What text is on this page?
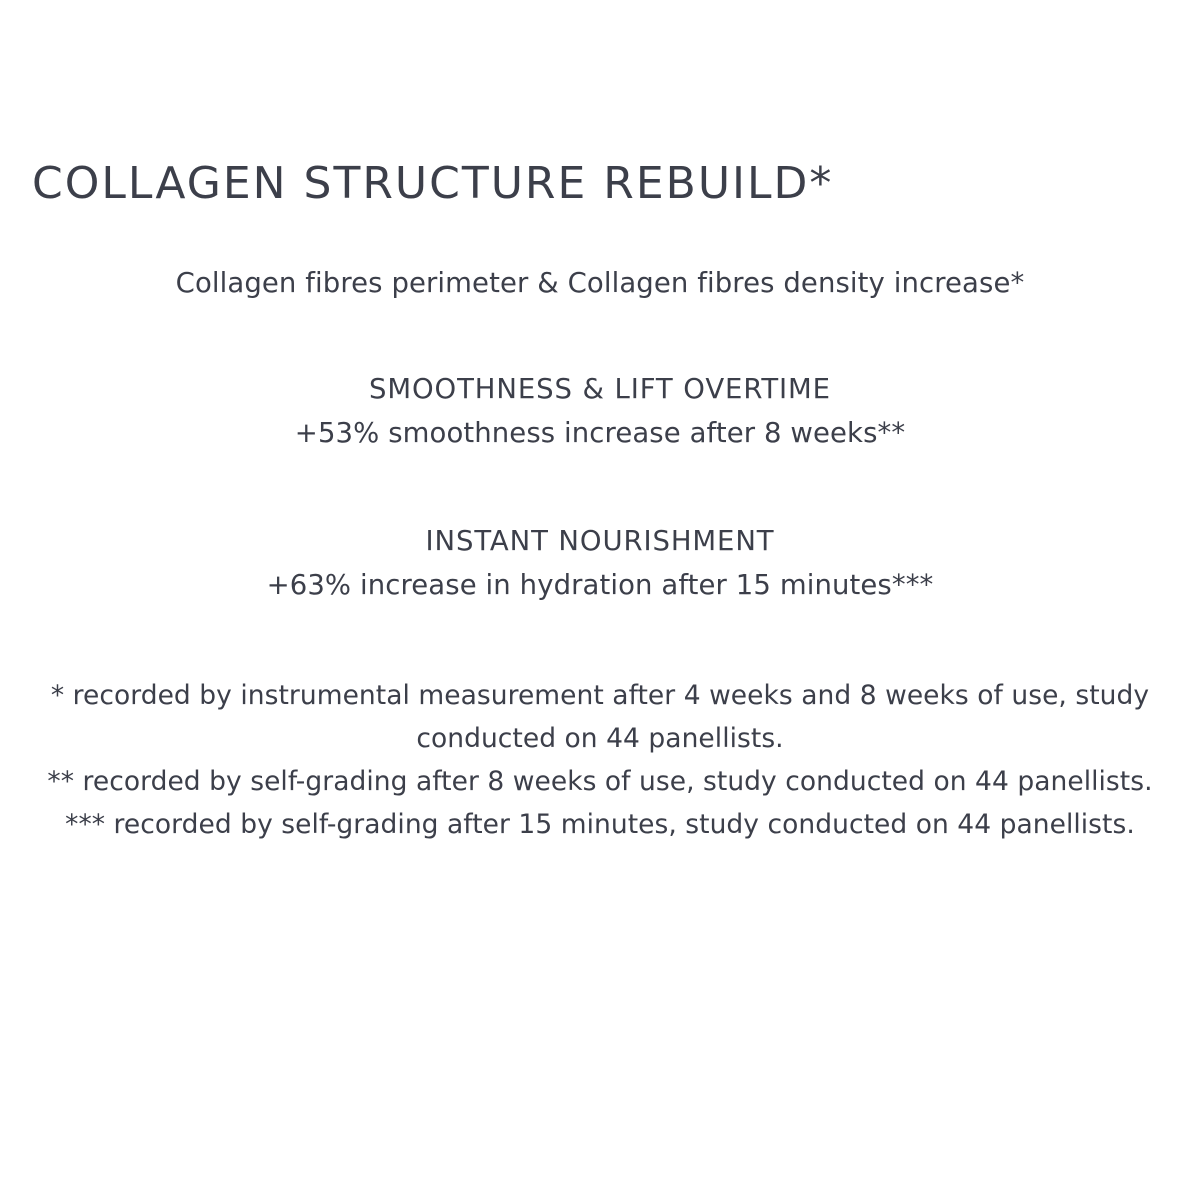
COLLAGEN STRUCTURE REBUILD*
Collagen fibres perimeter & Collagen fibres density increase*
SMOOTHNESS & LIFT OVERTIME
+53% smoothness increase after 8 weeks**
INSTANT NOURISHMENT
+63% increase in hydration after 15 minutes***

* recorded by instrumental measurement after 4 weeks and 8 weeks of use, study conducted on 44 panellists.

** recorded by self-grading after 8 weeks of use, study conducted on 44 panellists.

*** recorded by self-grading after 15 minutes, study conducted on 44 panellists.
